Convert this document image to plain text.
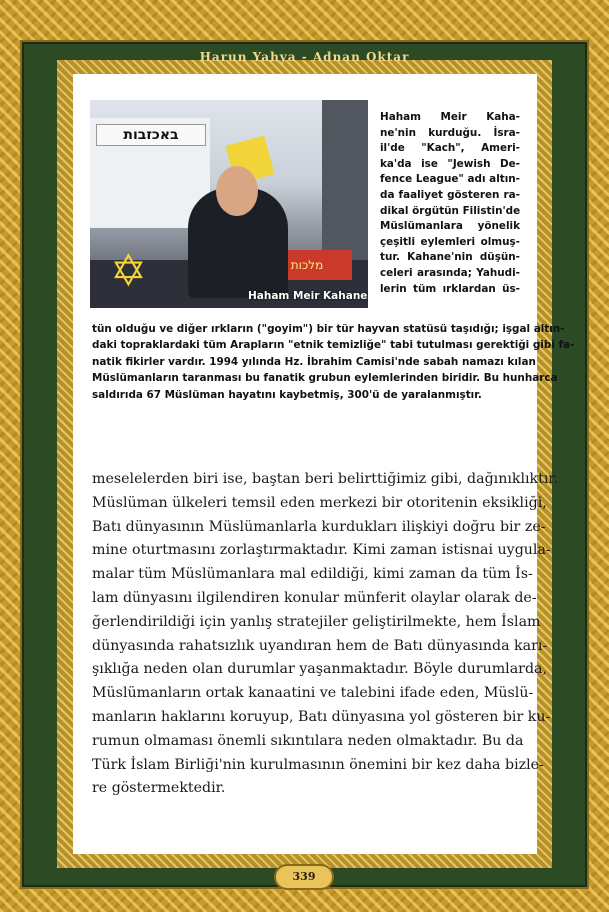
Harun Yahya - Adnan Oktar
באכזבות
מלכות
✡	Haham Meir Kahane
Haham Meir Kaha-
ne'nin kurduğu. İsra-
il'de "Kach", Ameri-
ka'da ise "Jewish De-
fence League" adı altın-
da faaliyet gösteren ra-
dikal örgütün Filistin'de
Müslümanlara yönelik
çeşitli eylemleri olmuş-
tur. Kahane'nin düşün-
celeri arasında; Yahudi-
lerin tüm ırklardan üs-
tün olduğu ve diğer ırkların ("goyim") bir tür hayvan statüsü taşıdığı; işgal altın-
daki topraklardaki tüm Arapların "etnik temizliğe" tabi tutulması gerektiği gibi fa-
natik fikirler vardır. 1994 yılında Hz. İbrahim Camisi'nde sabah namazı kılan
Müslümanların taranması bu fanatik grubun eylemlerinden biridir. Bu hunharca
saldırıda 67 Müslüman hayatını kaybetmiş, 300'ü de yaralanmıştır.
meselelerden biri ise, baştan beri belirttiğimiz gibi, dağınıklıktır.
Müslüman ülkeleri temsil eden merkezi bir otoritenin eksikliği,
Batı dünyasının Müslümanlarla kurdukları ilişkiyi doğru bir ze-
mine oturtmasını zorlaştırmaktadır. Kimi zaman istisnai uygula-
malar tüm Müslümanlara mal edildiği, kimi zaman da tüm İs-
lam dünyasını ilgilendiren konular münferit olaylar olarak de-
ğerlendirildiği için yanlış stratejiler geliştirilmekte, hem İslam
dünyasında rahatsızlık uyandıran hem de Batı dünyasında karı-
şıklığa neden olan durumlar yaşanmaktadır. Böyle durumlarda,
Müslümanların ortak kanaatini ve talebini ifade eden, Müslü-
manların haklarını koruyup, Batı dünyasına yol gösteren bir ku-
rumun olmaması önemli sıkıntılara neden olmaktadır. Bu da
Türk İslam Birliği'nin kurulmasının önemini bir kez daha bizle-
re göstermektedir.
339
